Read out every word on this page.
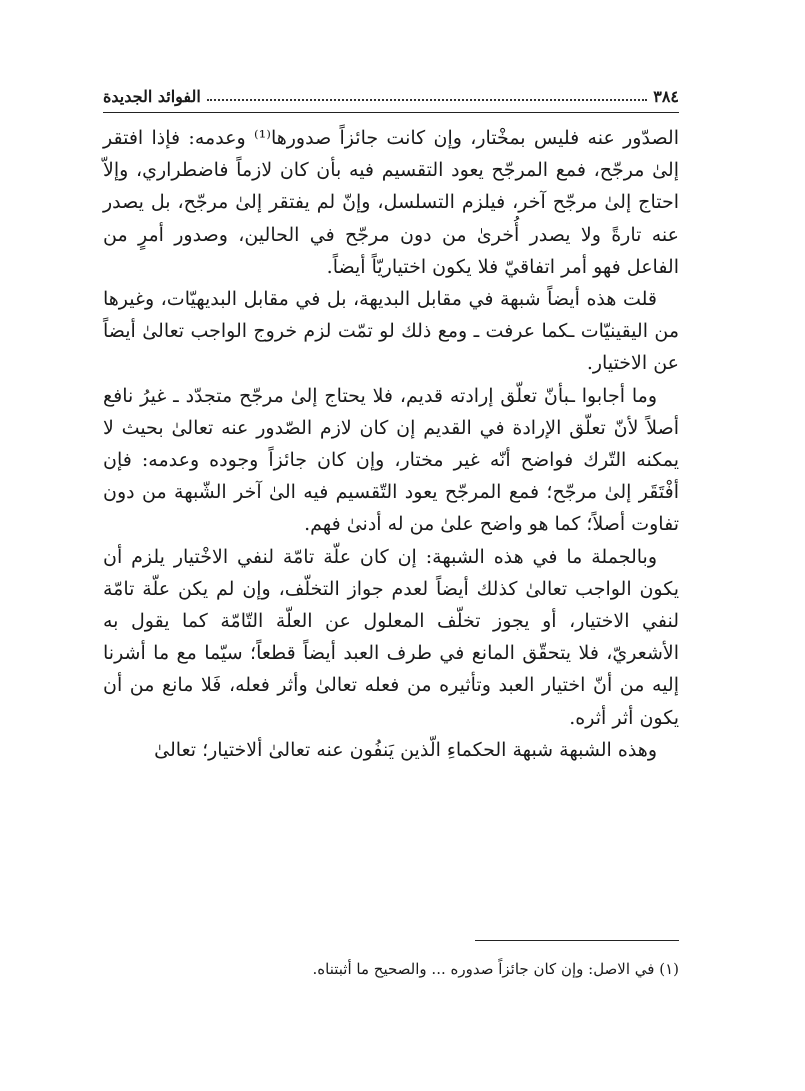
٣٨٤
الفوائد الجديدة

الصدّور عنه فليس بمخْتار، وإن كانت جائزاً صدورها⁽¹⁾ وعدمه: فإذا افتقر إلىٰ مرجّح، فمع المرجّح يعود التقسيم فيه بأن كان لازماً فاضطراري، وإلاّ احتاج إلىٰ مرجّح آخر، فيلزم التسلسل، وإنّ لم يفتقر إلىٰ مرجّح، بل يصدر عنه تارةً ولا يصدر أُخرىٰ من دون مرجّح في الحالين، وصدور أمرٍ من الفاعل فهو أمر اتفاقيّ فلا يكون اختياريّاً أيضاً.

قلت هذه أيضاً شبهة في مقابل البديهة، بل في مقابل البديهيّات، وغيرها من اليقينيّات ـكما عرفت ـ ومع ذلك لو تمّت لزم خروج الواجب تعالىٰ أيضاً عن الاختيار.

وما أجابوا ـبأنّ تعلّق إرادته قديم، فلا يحتاج إلىٰ مرجّح متجدّد ـ غيرُ نافع أصلاً لأنّ تعلّق الإرادة في القديم إن كان لازم الصّدور عنه تعالىٰ بحيث لا يمكنه التّرك فواضح أنّه غير مختار، وإن كان جائزاً وجوده وعدمه: فإن أفْتَقَر إلىٰ مرجّح؛ فمع المرجّح يعود التّقسيم فيه الىٰ آخر الشّبهة من دون تفاوت أصلاً؛ كما هو واضح علىٰ من له أدنىٰ فهم.

وبالجملة ما في هذه الشبهة: إن كان علّة تامّة لنفي الاخْتيار يلزم أن يكون الواجب تعالىٰ كذلك أيضاً لعدم جواز التخلّف، وإن لم يكن علّة تامّة لنفي الاختيار، أو يجوز تخلّف المعلول عن العلّة التّامّة كما يقول به الأشعريّ، فلا يتحقّق المانع في طرف العبد أيضاً قطعاً؛ سيّما مع ما أشرنا إليه من أنّ اختيار العبد وتأثيره من فعله تعالىٰ وأثر فعله، فَلا مانع من أن يكون أثر أثره.

وهذه الشبهة شبهة الحكماءِ الّذين يَنفُون عنه تعالىٰ ألاختيار؛ تعالىٰ

(١) في الاصل: وإن كان جائزاً صدوره ... والصحيح ما أثبتناه.
